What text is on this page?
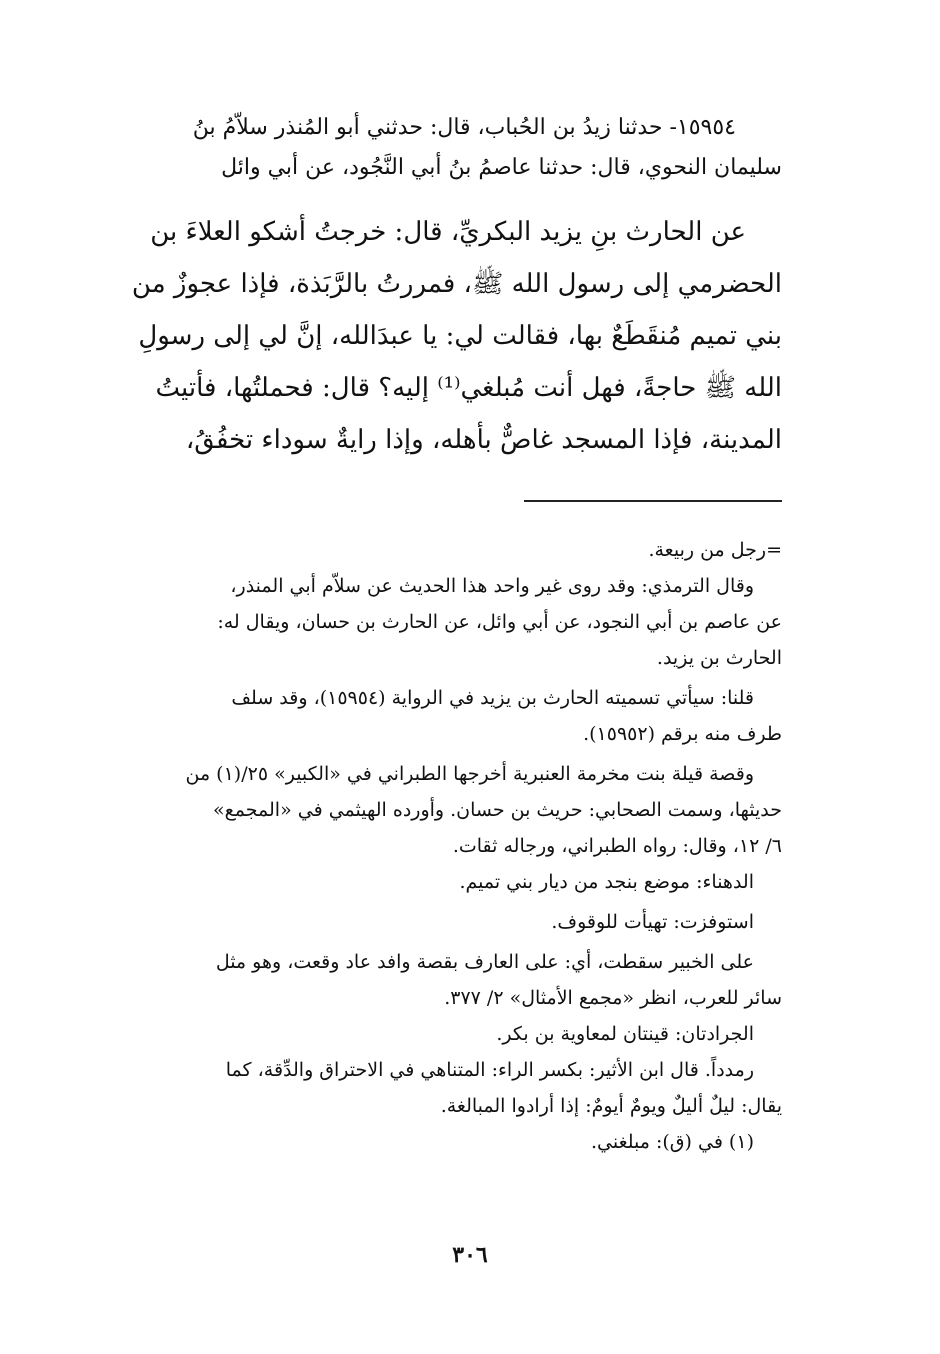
١٥٩٥٤- حدثنا زيدُ بن الحُباب، قال: حدثني أبو المُنذر سلاّمُ بنُ
سليمان النحوي، قال: حدثنا عاصمُ بنُ أبي النَّجُود، عن أبي وائل

عن الحارث بنِ يزيد البكريِّ، قال: خرجتُ أشكو العلاءَ بن
الحضرمي إلى رسول الله ﷺ، فمررتُ بالرَّبَذة، فإذا عجوزٌ من
بني تميم مُنقَطَعٌ بها، فقالت لي: يا عبدَالله، إنَّ لي إلى رسولِ
الله ﷺ حاجةً، فهل أنت مُبلغي⁽¹⁾ إليه؟ قال: فحملتُها، فأتيتُ
المدينة، فإذا المسجد غاصٌّ بأهله، وإذا رايةٌ سوداء تخفُقُ،

=رجل من ربيعة.

وقال الترمذي: وقد روى غير واحد هذا الحديث عن سلاّم أبي المنذر،
عن عاصم بن أبي النجود، عن أبي وائل، عن الحارث بن حسان، ويقال له:
الحارث بن يزيد.

قلنا: سيأتي تسميته الحارث بن يزيد في الرواية (١٥٩٥٤)، وقد سلف
طرف منه برقم (١٥٩٥٢).

وقصة قيلة بنت مخرمة العنبرية أخرجها الطبراني في «الكبير» ٢٥/(١) من
حديثها، وسمت الصحابي: حريث بن حسان. وأورده الهيثمي في «المجمع»
٦/ ١٢، وقال: رواه الطبراني، ورجاله ثقات.

الدهناء: موضع بنجد من ديار بني تميم.

استوفزت: تهيأت للوقوف.

على الخبير سقطت، أي: على العارف بقصة وافد عاد وقعت، وهو مثل
سائر للعرب، انظر «مجمع الأمثال» ٢/ ٣٧٧.

الجرادتان: قينتان لمعاوية بن بكر.

رمدداً. قال ابن الأثير: بكسر الراء: المتناهي في الاحتراق والدِّقة، كما
يقال: ليلٌ أليلٌ ويومٌ أيومٌ: إذا أرادوا المبالغة.

(١) في (ق): مبلغني.

٣٠٦
